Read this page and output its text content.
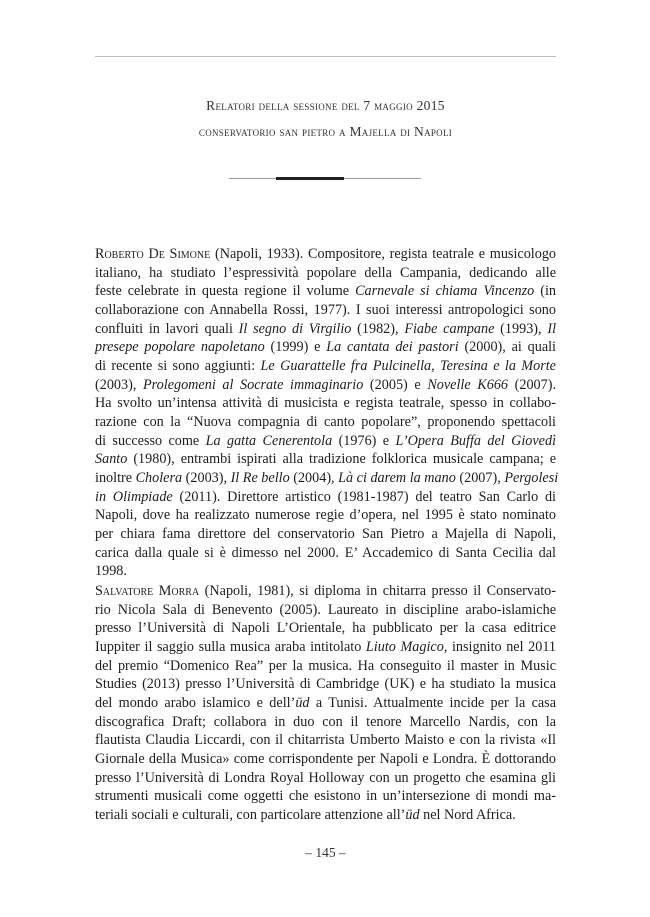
Relatori della sessione del 7 maggio 2015
conservatorio san pietro a Majella di Napoli
Roberto De Simone (Napoli, 1933). Compositore, regista teatrale e musicologo
italiano, ha studiato l’espressività popolare della Campania, dedicando alle
feste celebrate in questa regione il volume Carnevale si chiama Vincenzo (in
collaborazione con Annabella Rossi, 1977). I suoi interessi antropologici sono
confluiti in lavori quali Il segno di Virgilio (1982), Fiabe campane (1993), Il
presepe popolare napoletano (1999) e La cantata dei pastori (2000), ai quali
di recente si sono aggiunti: Le Guarattelle fra Pulcinella, Teresina e la Morte
(2003), Prolegomeni al Socrate immaginario (2005) e Novelle K666 (2007).
Ha svolto un’intensa attività di musicista e regista teatrale, spesso in collabo-
razione con la “Nuova compagnia di canto popolare”, proponendo spettacoli
di successo come La gatta Cenerentola (1976) e L’Opera Buffa del Giovedì
Santo (1980), entrambi ispirati alla tradizione folklorica musicale campana; e
inoltre Cholera (2003), Il Re bello (2004), Là ci darem la mano (2007), Pergolesi
in Olimpiade (2011). Direttore artistico (1981-1987) del teatro San Carlo di
Napoli, dove ha realizzato numerose regie d’opera, nel 1995 è stato nominato
per chiara fama direttore del conservatorio San Pietro a Majella di Napoli,
carica dalla quale si è dimesso nel 2000. E’ Accademico di Santa Cecilia dal
1998.
Salvatore Morra (Napoli, 1981), si diploma in chitarra presso il Conservato-
rio Nicola Sala di Benevento (2005). Laureato in discipline arabo-islamiche
presso l’Università di Napoli L’Orientale, ha pubblicato per la casa editrice
Iuppiter il saggio sulla musica araba intitolato Liuto Magico, insignito nel 2011
del premio “Domenico Rea” per la musica. Ha conseguito il master in Music
Studies (2013) presso l’Università di Cambridge (UK) e ha studiato la musica
del mondo arabo islamico e dell’ūd a Tunisi. Attualmente incide per la casa
discografica Draft; collabora in duo con il tenore Marcello Nardis, con la
flautista Claudia Liccardi, con il chitarrista Umberto Maisto e con la rivista «Il
Giornale della Musica» come corrispondente per Napoli e Londra. È dottorando
presso l’Università di Londra Royal Holloway con un progetto che esamina gli
strumenti musicali come oggetti che esistono in un’intersezione di mondi ma-
teriali sociali e culturali, con particolare attenzione all’ūd nel Nord Africa.
– 145 –
